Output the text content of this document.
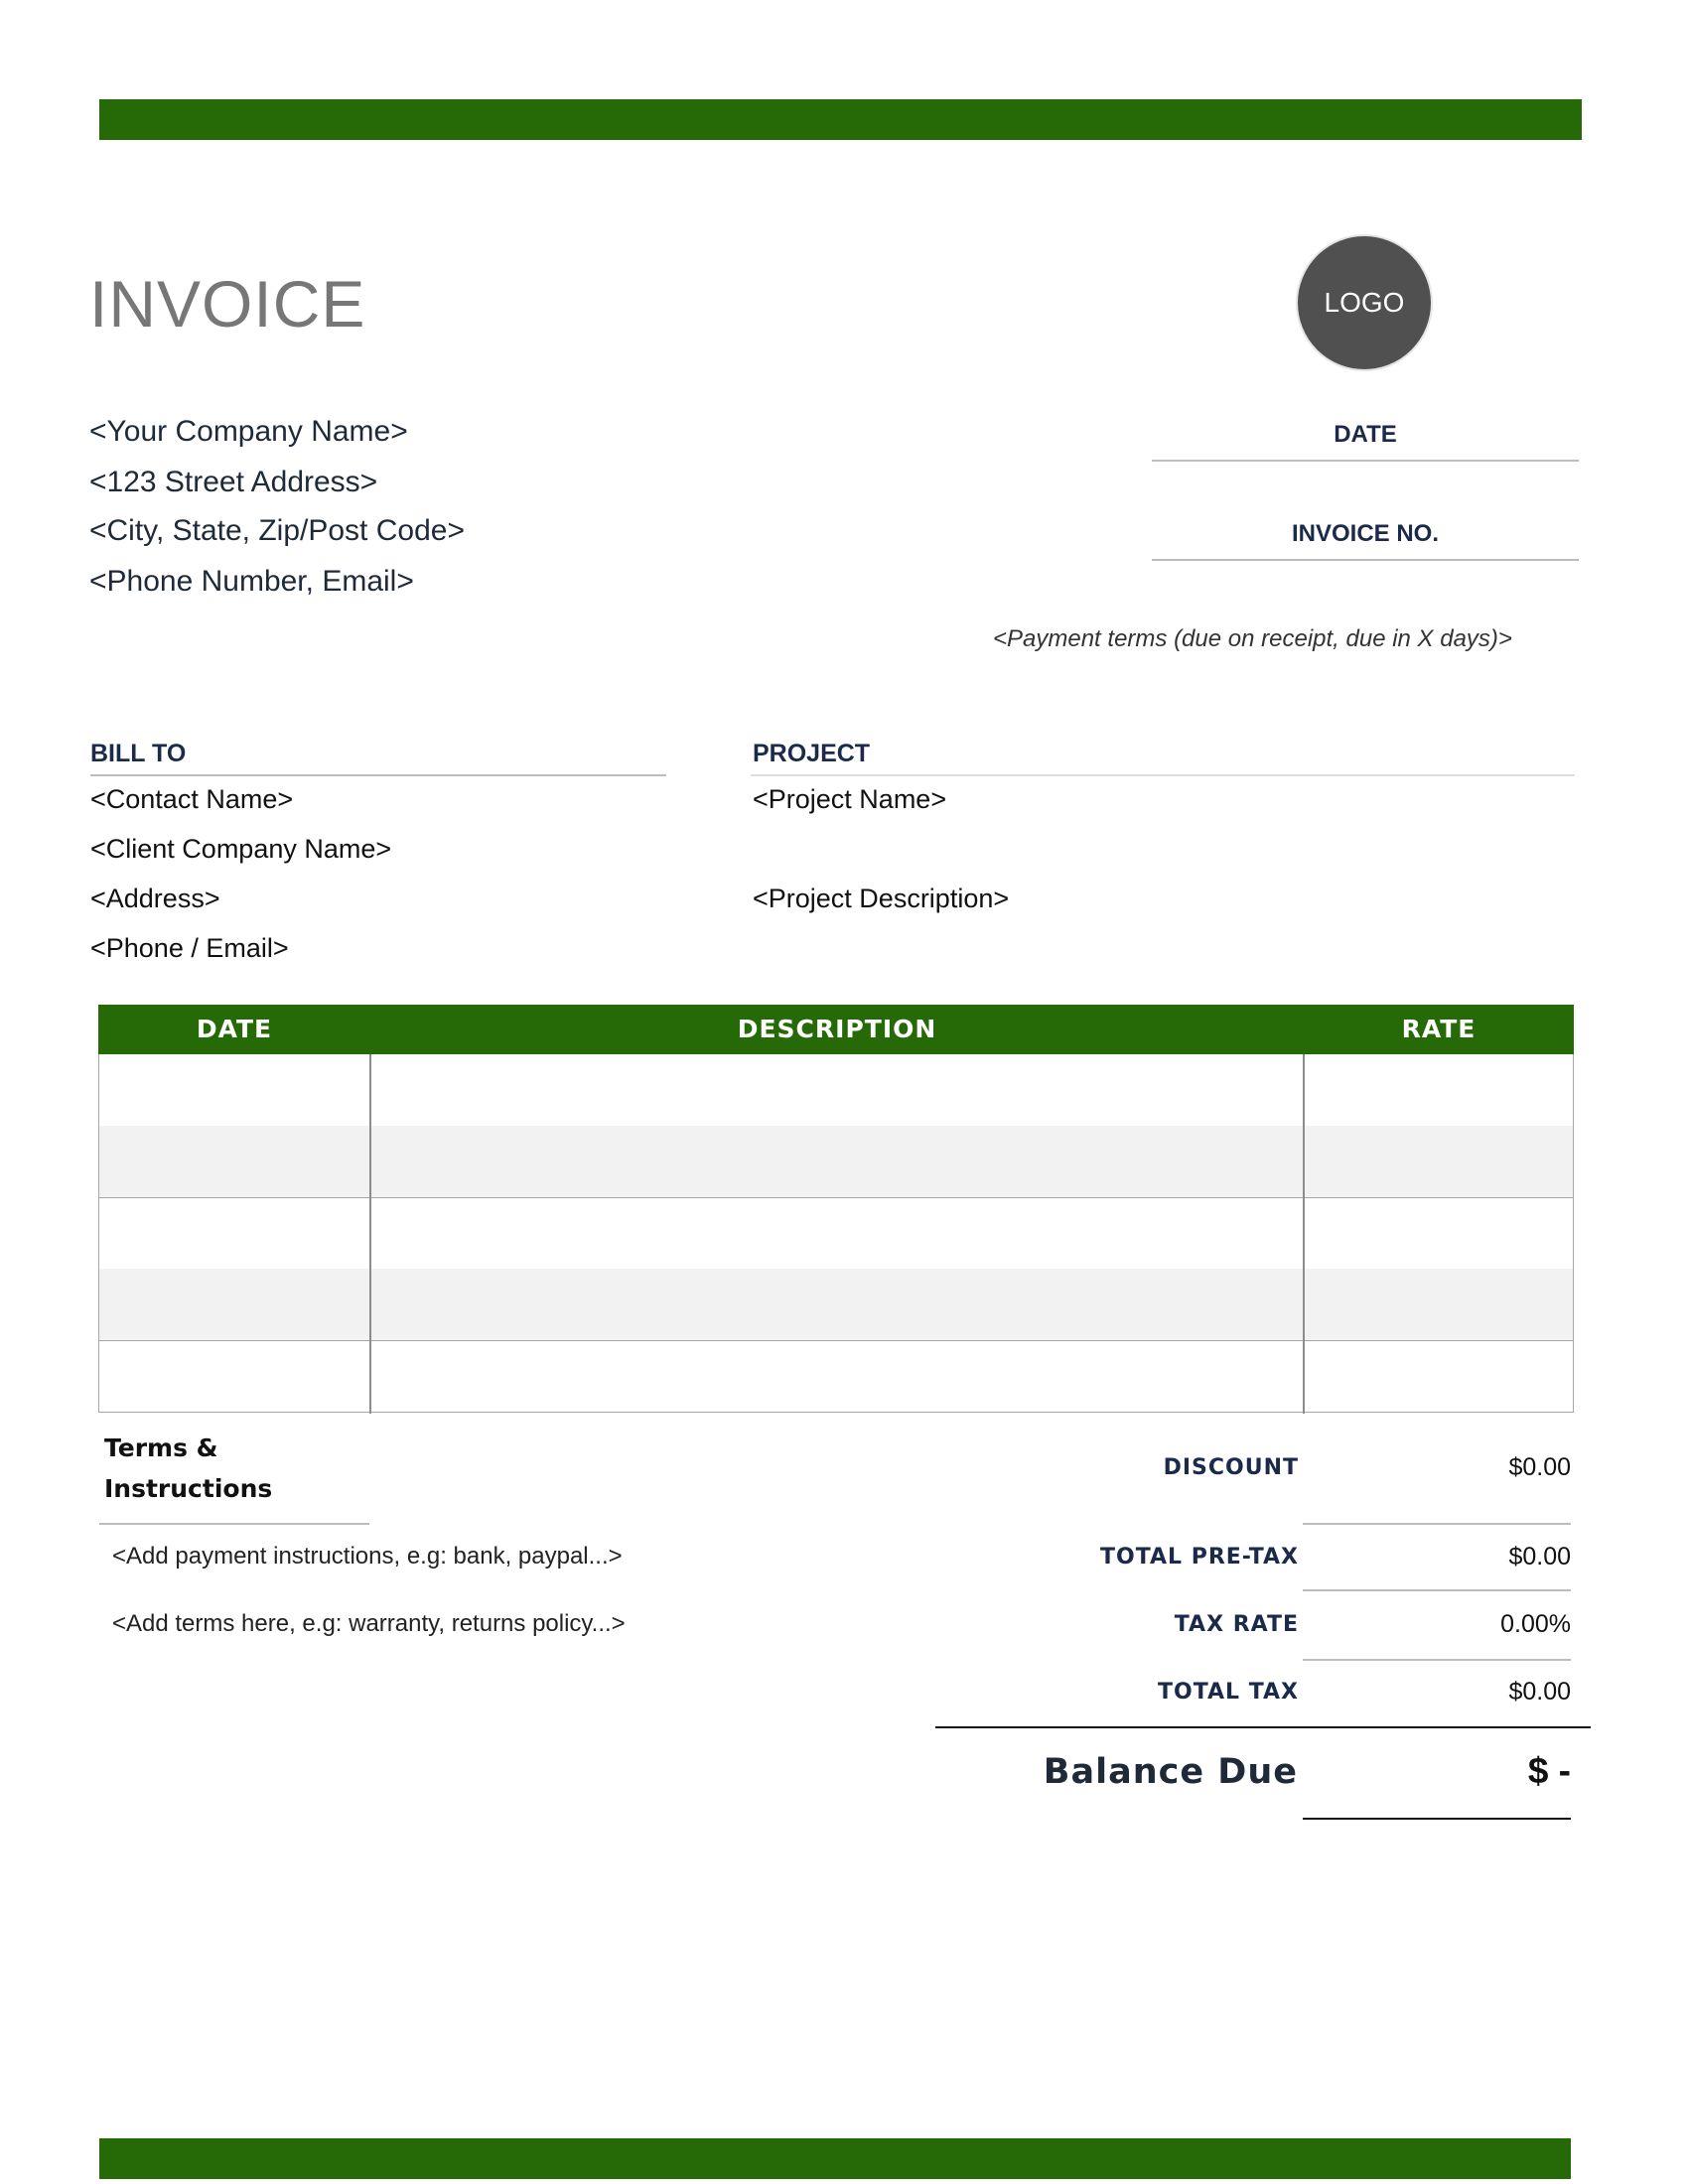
INVOICE	LOGO
<Your Company Name>
<123 Street Address>
<City, State, Zip/Post Code>
<Phone Number, Email>
DATE
INVOICE NO.
<Payment terms (due on receipt, due in X days)>
BILL TO
<Contact Name>
<Client Company Name>
<Address>
<Phone / Email>
PROJECT
<Project Name>
<Project Description>
DATE	DESCRIPTION	RATE
Terms &
Instructions
<Add payment instructions, e.g: bank, paypal...>
<Add terms here, e.g: warranty, returns policy...>
DISCOUNT	$0.00
TOTAL PRE-TAX	$0.00
TAX RATE	0.00%
TOTAL TAX	$0.00
Balance Due	$ -
